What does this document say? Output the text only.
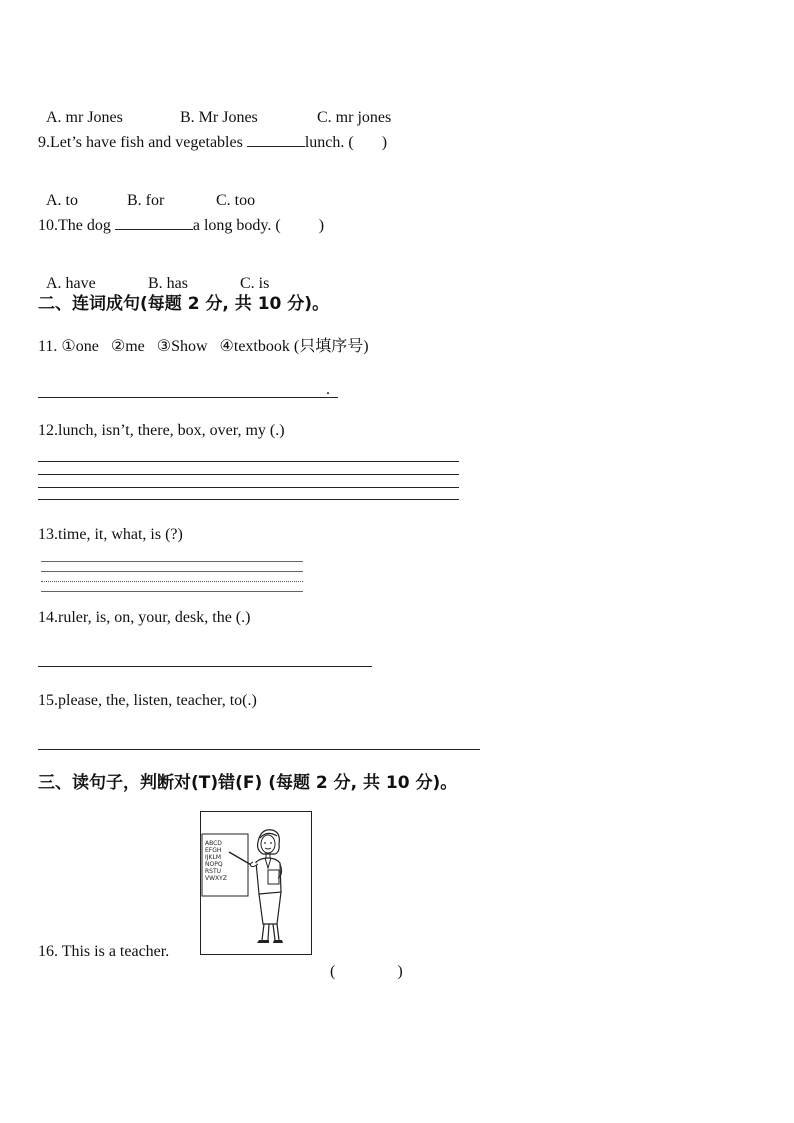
A. mr Jones	B. Mr Jones	C. mr jones

9.Let’s have fish and vegetables	lunch. ( )

A. to	B. for	C. too

10.The dog	a long body. ( )

A. have	B. has	C. is

二、连词成句(每题 2 分, 共 10 分)。
11. ①one   ②me   ③Show   ④textbook (只填序号)
.
12.lunch, isn’t, there, box, over, my (.)
13.time, it, what, is (?)
14.ruler, is, on, your, desk, the (.)
15.please, the, listen, teacher, to(.)
三、读句子，判断对(T)错(F) (每题 2 分, 共 10 分)。
16. This is a teacher.
ABCD
EFGH
IJKLM
NOPQ
RSTU
VWXYZ

(	)
